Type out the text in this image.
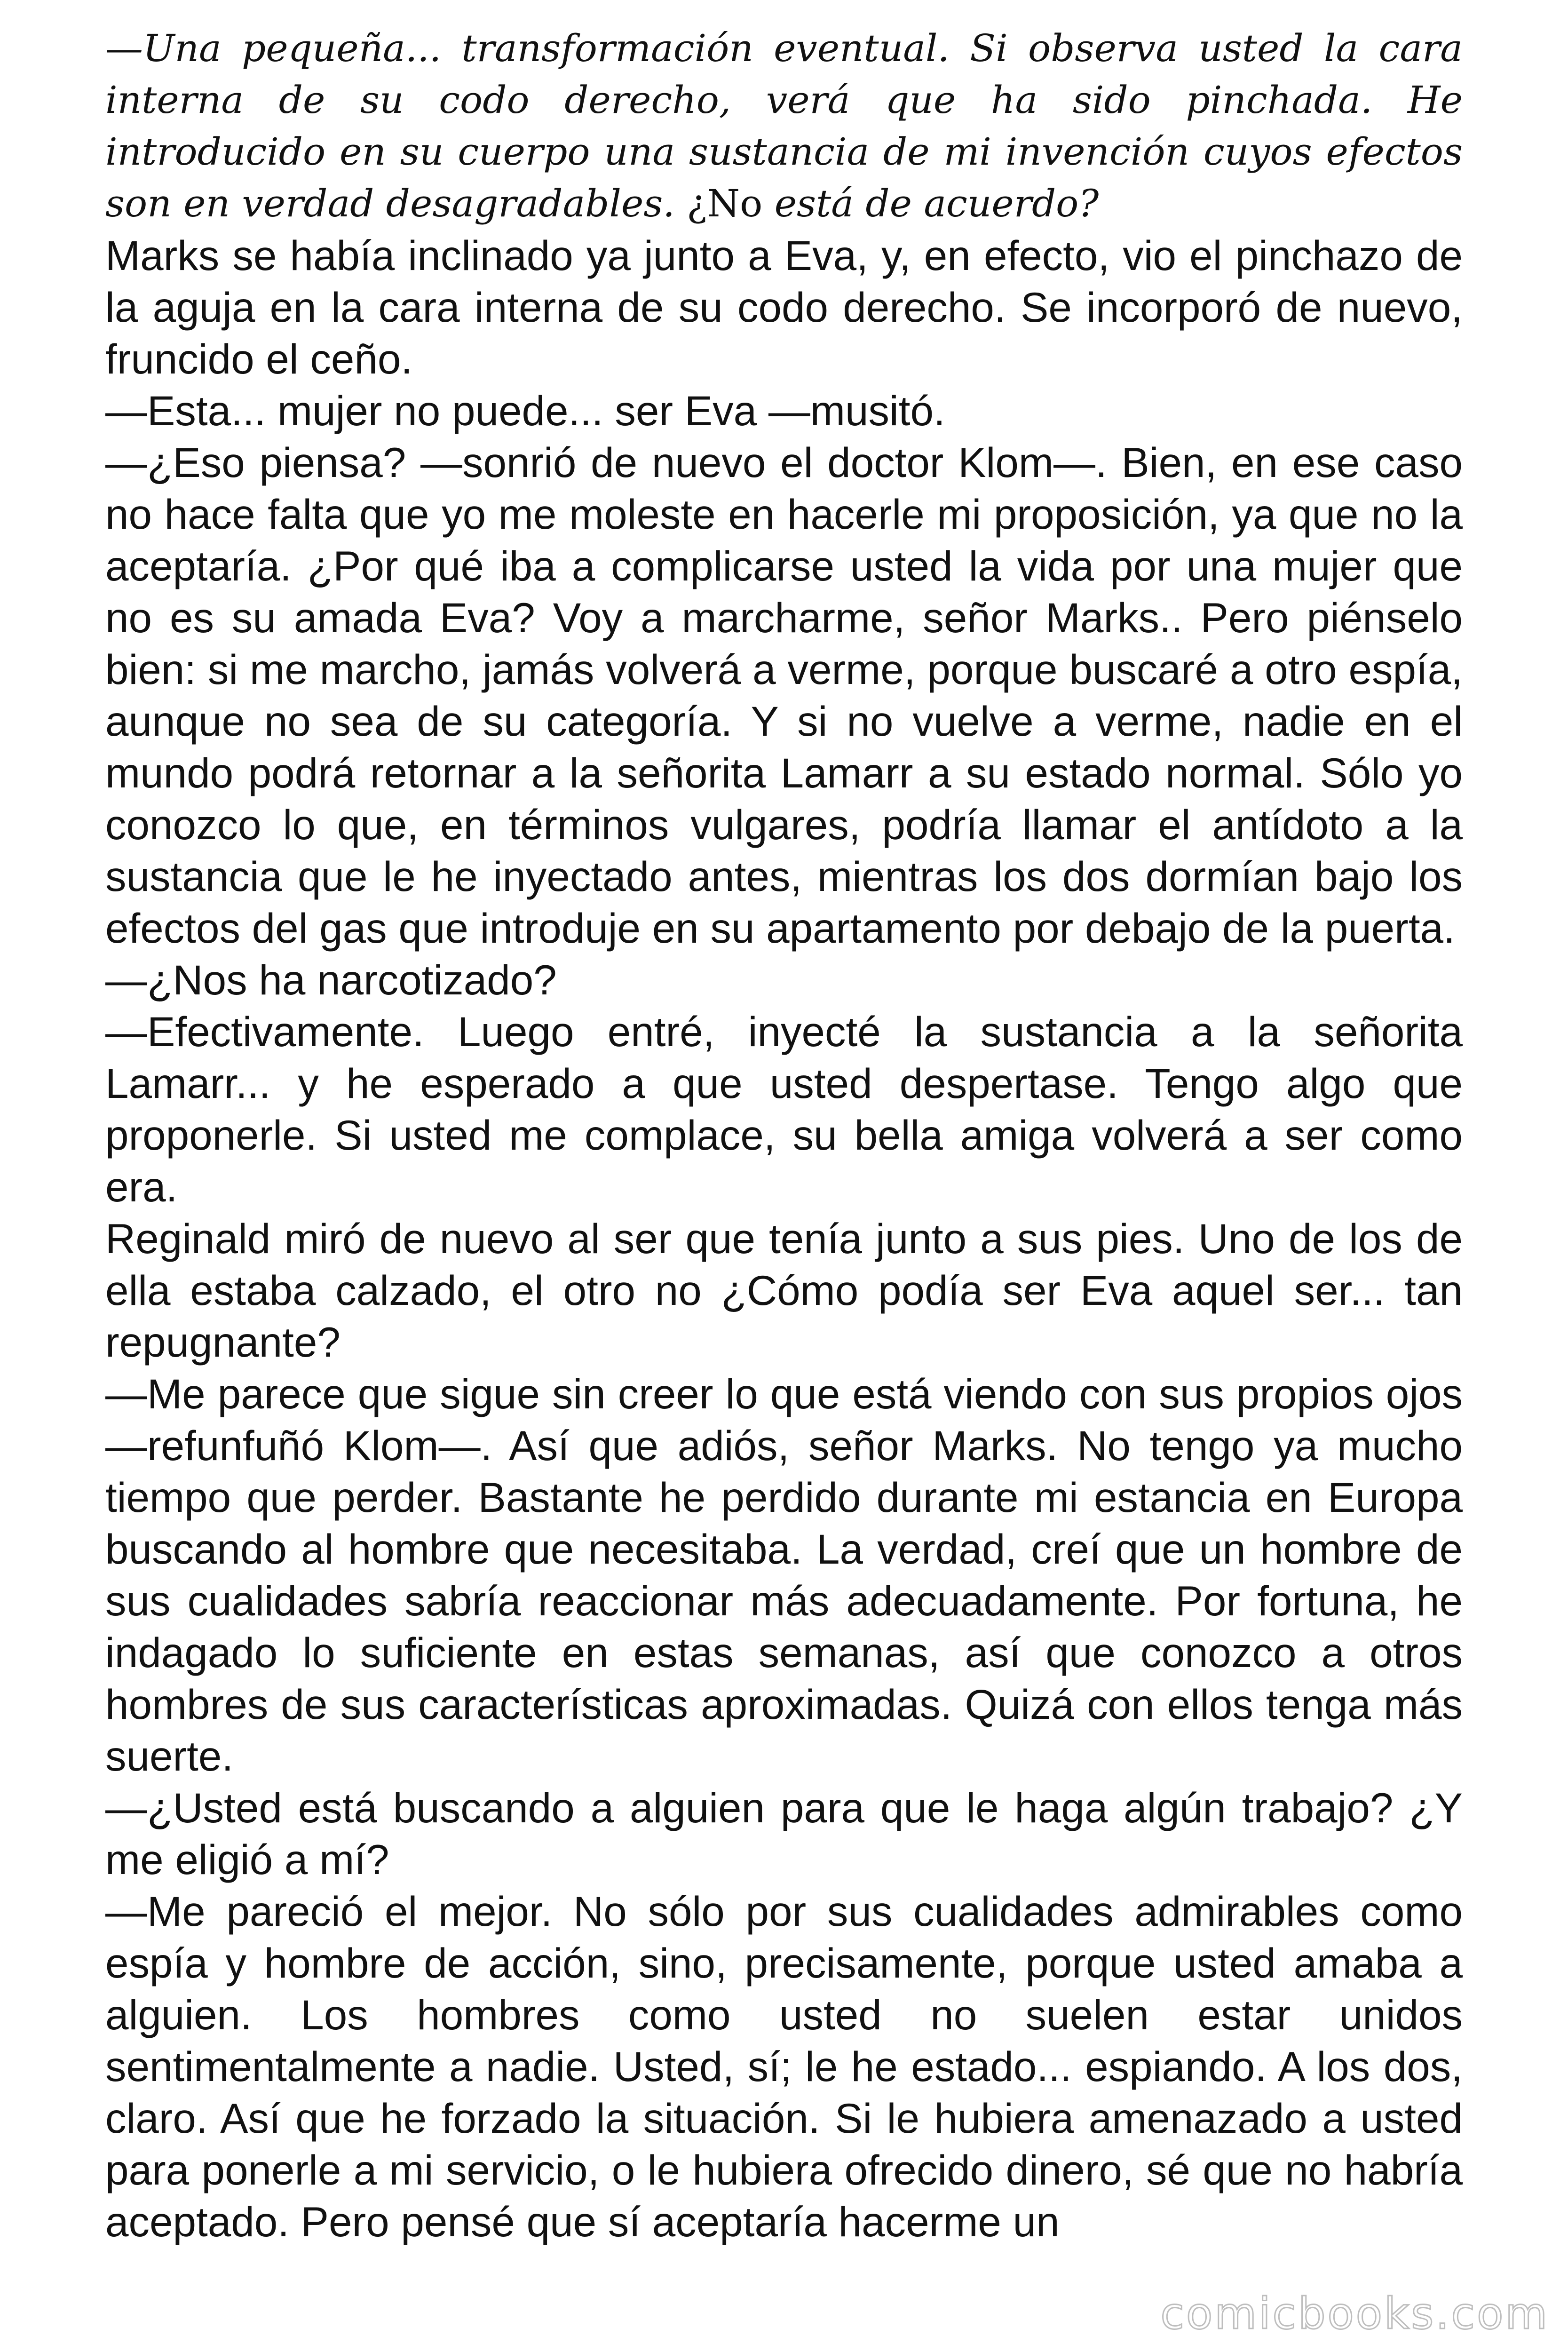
—Una pequeña... transformación eventual. Si observa usted la cara interna de su codo derecho, verá que ha sido pinchada. He introducido en su cuerpo una sustancia de mi invención cuyos efectos son en verdad desagradables. ¿No está de acuerdo?

Marks se había inclinado ya junto a Eva, y, en efecto, vio el pinchazo de la aguja en la cara interna de su codo derecho. Se incorporó de nuevo, fruncido el ceño.

—Esta... mujer no puede... ser Eva —musitó.

—¿Eso piensa? —sonrió de nuevo el doctor Klom—. Bien, en ese caso no hace falta que yo me moleste en hacerle mi proposición, ya que no la aceptaría. ¿Por qué iba a complicarse usted la vida por una mujer que no es su amada Eva? Voy a marcharme, señor Marks.. Pero piénselo bien: si me marcho, jamás volverá a verme, porque buscaré a otro espía, aunque no sea de su categoría. Y si no vuelve a verme, nadie en el mundo podrá retornar a la señorita Lamarr a su estado normal. Sólo yo conozco lo que, en términos vulgares, podría llamar el antídoto a la sustancia que le he inyectado antes, mientras los dos dormían bajo los efectos del gas que introduje en su apartamento por debajo de la puerta.

—¿Nos ha narcotizado?

—Efectivamente. Luego entré, inyecté la sustancia a la señorita Lamarr... y he esperado a que usted despertase. Tengo algo que proponerle. Si usted me complace, su bella amiga volverá a ser como era.

Reginald miró de nuevo al ser que tenía junto a sus pies. Uno de los de ella estaba calzado, el otro no ¿Cómo podía ser Eva aquel ser... tan repugnante?

—Me parece que sigue sin creer lo que está viendo con sus propios ojos —refunfuñó Klom—. Así que adiós, señor Marks. No tengo ya mucho tiempo que perder. Bastante he perdido durante mi estancia en Europa buscando al hombre que necesitaba. La verdad, creí que un hombre de sus cualidades sabría reaccionar más adecuadamente. Por fortuna, he indagado lo suficiente en estas semanas, así que conozco a otros hombres de sus características aproximadas. Quizá con ellos tenga más suerte.

—¿Usted está buscando a alguien para que le haga algún trabajo? ¿Y me eligió a mí?

—Me pareció el mejor. No sólo por sus cualidades admirables como espía y hombre de acción, sino, precisamente, porque usted amaba a alguien. Los hombres como usted no suelen estar unidos sentimentalmente a nadie. Usted, sí; le he estado... espiando. A los dos, claro. Así que he forzado la situación. Si le hubiera amenazado a usted para ponerle a mi servicio, o le hubiera ofrecido dinero, sé que no habría aceptado. Pero pensé que sí aceptaría hacerme un

comicbooks.com
